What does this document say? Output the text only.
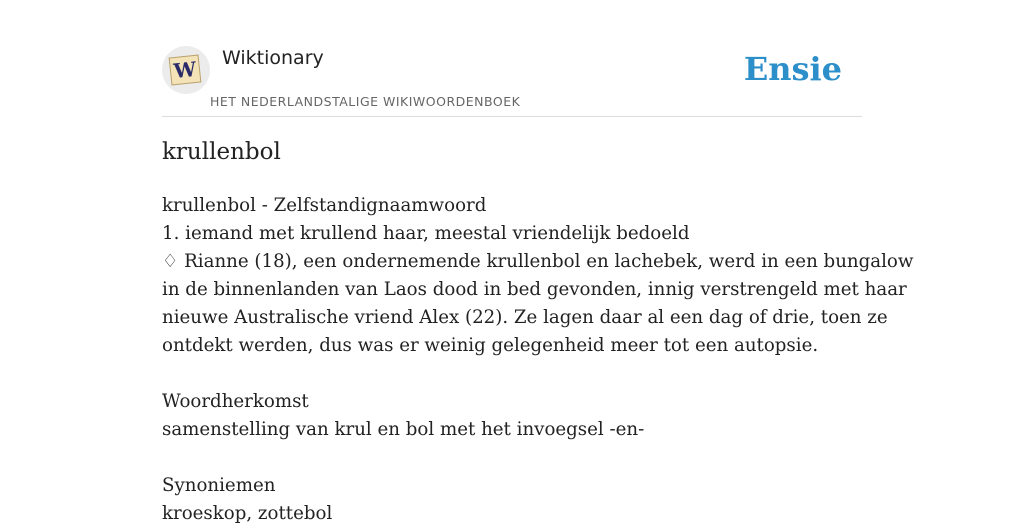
W Wiktionary
HET NEDERLANDSTALIGE WIKIWOORDENBOEK
Ensie
krullenbol
krullenbol - Zelfstandignaamwoord
1. iemand met krullend haar, meestal vriendelijk bedoeld
♢ Rianne (18), een ondernemende krullenbol en lachebek, werd in een bungalow
in de binnenlanden van Laos dood in bed gevonden, innig verstrengeld met haar
nieuwe Australische vriend Alex (22). Ze lagen daar al een dag of drie, toen ze
ontdekt werden, dus was er weinig gelegenheid meer tot een autopsie.
Woordherkomst
samenstelling van krul en bol met het invoegsel -en-
Synoniemen
kroeskop, zottebol
